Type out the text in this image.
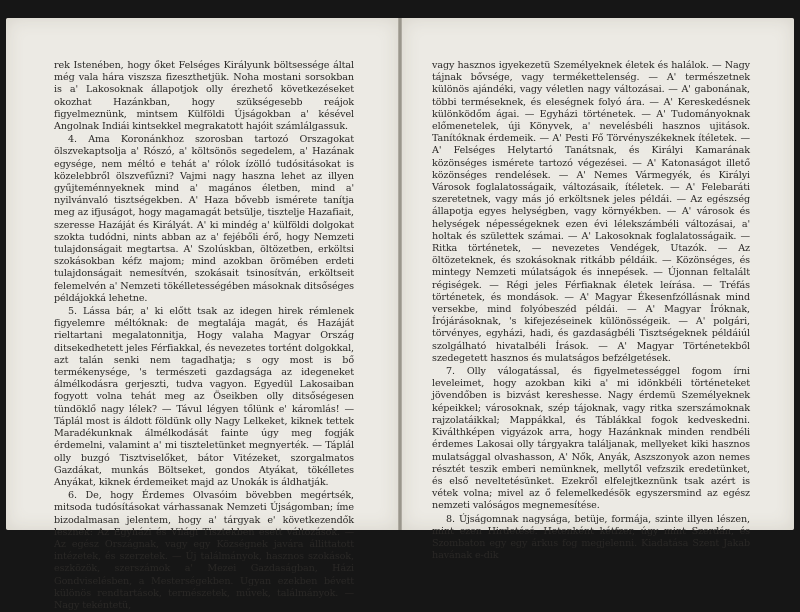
rek Istenében, hogy őket Felséges Királyunk böltsessége által még vala hára viszsza fizeszthetjük. Noha mostani sorsokban is a' Lakosoknak állapotjok olly érezhető következéseket okozhat Hazánkban, hogy szükségesebb reájok figyelmeznünk, mintsem Külföldi Újságokban a' késével Angolnak Indiái kintsekkel megrakatott hajóit számlálgassuk.

4. Ama Koronánkhoz szorosban tartozó Orszagokat ölszvekaptsolja a' Rószó, a' költsönös segedelem, a' Hazának egysége, nem méltó e tehát a' rólok ízölló tudósitásokat is közelebbről ölszvefűzni? Vajmi nagy haszna lehet az illyen gyűjteménnyeknek mind a' magános életben, mind a' nyilvánvaló tisztségekben. A' Haza bővebb ismérete tanítja meg az ifjuságot, hogy magamagát betsülje, tisztelje Hazafiait, szeresse Hazáját és Királyát. A' ki mindég a' külföldi dolgokat szokta tudódni, nints abban az a' fejébőli érő, hogy Nemzeti tulajdonságait megtartsa. A' Szolúskban, öltözetben, erköltsi szokásokban kéfz majom; mind azokban örömében erdeti tulajdonságait nemesítvén, szokásait tsinosítván, erköltseit felemelvén a' Nemzeti tökélletességében másoknak ditsőséges példájokká lehetne.

5. Lássa bár, a' ki előtt tsak az idegen hirek rémlenek figyelemre méltóknak: de megtalája magát, és Hazáját rieltartani megalatonnitja, Hogy valaha Magyar Ország ditsekedhetett jeles Férfiakkal, és nevezetes tortént dolgokkal, azt talán senki nem tagadhatja; s ogy most is bő termékenysége, 's természeti gazdagsága az idegeneket álmélkodásra gerjeszti, tudva vagyon. Egyedül Lakosaiban fogyott volna tehát meg az Öseikben olly ditsőségesen tündöklő nagy lélek? — Távul légyen tőlünk e' káromlás! — Táplál most is áldott földünk olly Nagy Lelkeket, kiknek tettek Maradékunknak álmélkodását fainte úgy meg fogják érdemelni, valamint a' mi tiszteletünket megnyerték. — Táplál olly buzgó Tisztviselőket, bátor Vitézeket, szorgalmatos Gazdákat, munkás Böltseket, gondos Atyákat, tökélletes Anyákat, kiknek érdemeiket majd az Unokák is áldhatják.

6. De, hogy Érdemes Olvasóim bövebben megértsék, mitsoda tudósításokat várhassanak Nemzeti Újságomban; íme bizodalmasan jelentem, hogy a' tárgyak e' következendők lesznek: Az Egyházi és Világi Tisztekben esett változások. — Az egész Országnak, vagy egy Községnek javára állittatott intézetek, és szerzetek. — Új találmányok, hasznos szokások, eszközök, szerszámok a' Mezei Gazdaságban, Házi Gondviselésben, a Mesterségekben. Ugyan ezekben bévett különös rendtartások, természetek, művek, találmányok. — Nagy tekéntetü,

vagy hasznos igyekezetü Személyeknek életek és halálok. — Nagy tájnak bővsége, vagy termékettelenség. — A' természetnek különös ajándéki, vagy véletlen nagy változásai. — A' gabonának, többi terméseknek, és eleségnek folyó ára. — A' Kereskedésnek különködőm ágai. — Egyházi történetek. — A' Tudományoknak előmenetelek, úji Könyvek, a' nevelésbéli hasznos ujitások. Tanítóknak érdemeik. — A' Pesti Fő Törvényszékeknek ítéletek. — A' Felséges Helytartó Tanátsnak, és Királyi Kamarának közönséges ismérete tartozó végezései. — A' Katonaságot illető közönséges rendelések. — A' Nemes Vármegyék, és Királyi Városok foglalatosságaik, változásaik, ítéletek. — A' Felebaráti szeretetnek, vagy más jó erköltsnek jeles példái. — Az egészség állapotja egyes helységben, vagy környékben. — A' városok és helységek népességeknek ezen évi lélekszámbéli változásai, a' holtak és születtek számai. — A' Lakosoknak foglalatosságaik. — Ritka történetek, — nevezetes Vendégek, Utazók. — Az öltözeteknek, és szokásoknak ritkább példáik. — Közönséges, és mintegy Nemzeti múlatságok és innepések. — Újonnan feltalált régiségek. — Régi jeles Férfiaknak életek leírása. — Tréfás történetek, és mondások. — A' Magyar Ékesenfzóllásnak mind versekbe, mind folyóbeszéd példái. — A' Magyar Íróknak, Írójárásoknak, 's kifejezéseinek különösségeik. — A' polgári, törvényes, egyházi, hadi, és gazdaságbéli Tisztségeknek példáiúl szolgálható hivatalbéli Írások. — A' Magyar Történetekből szedegetett hasznos és mulatságos befzélgetések.

7. Olly válogatással, és figyelmetességgel fogom írni leveleimet, hogy azokban kiki a' mi idönkbéli történeteket jövendőben is bizvást kereshesse. Nagy érdemü Személyeknek képeikkel; városoknak, szép tájoknak, vagy ritka szerszámoknak rajzolatáikkal; Mappákkal, és Táblákkal fogok kedveskedni. Kiválthképen vigyázok arra, hogy Hazánknak minden rendbéli érdemes Lakosai olly tárgyakra találjanak, mellyeket kiki hasznos mulatsággal olvashasson, A' Nők, Anyák, Aszszonyok azon nemes résztét teszik emberi nemünknek, mellytől vefzszik eredetünket, és első neveltetésünket. Ezekről elfelejtkeznünk tsak azért is vétek volna; mivel az ő felemelkedésök egyszersmind az egész nemzeti valóságos megnemesítése.

8. Újságomnak nagysága, betüje, formája, szinte illyen lészen, mint ezen Hirdetésé. Hetenként kétfzer, úgy mint Szerdán, és Szombaton egy egy árkus fog megjelenni. Kiadatása Szent Jakab havának e-dik
